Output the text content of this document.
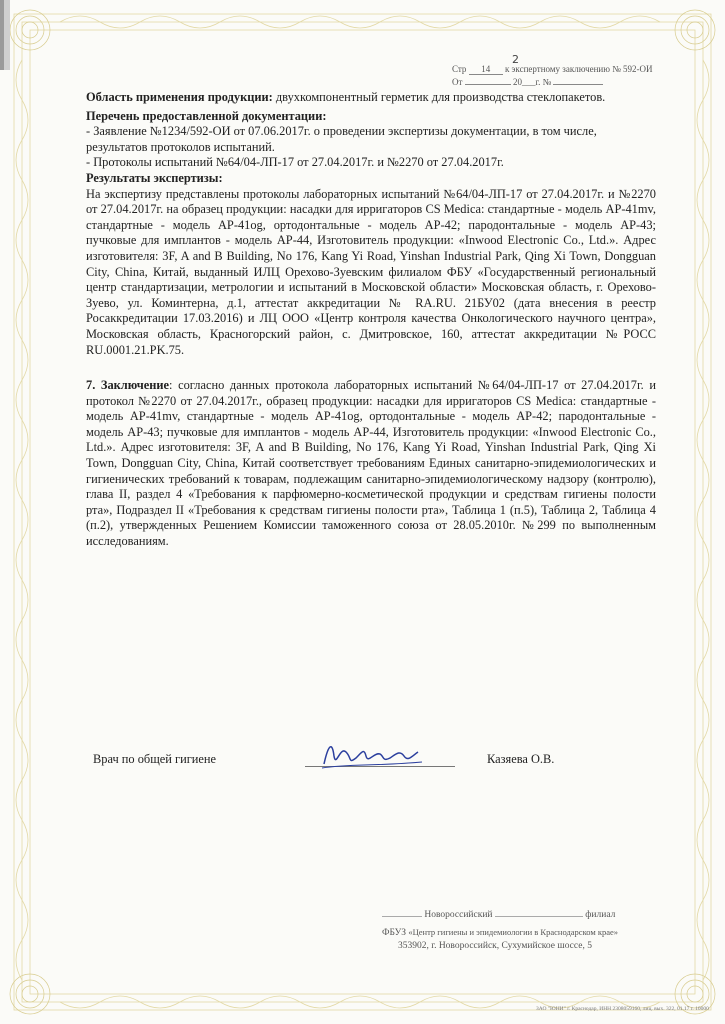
Стр 14 к экспертному заключению № 592-ОИ
2
От	20___г. №

Область применения продукции: двухкомпонентный герметик для производства стеклопакетов.

Перечень предоставленной документации:

- Заявление №1234/592-ОИ от 07.06.2017г. о проведении экспертизы документации, в том числе, результатов протоколов испытаний.

- Протоколы испытаний №64/04-ЛП-17 от 27.04.2017г. и №2270 от 27.04.2017г.

Результаты экспертизы:

На экспертизу представлены протоколы лабораторных испытаний №64/04-ЛП-17 от 27.04.2017г. и №2270 от 27.04.2017г. на образец продукции: насадки для ирригаторов CS Medica: стандартные - модель AP-41mv, стандартные - модель AP-41og, ортодонтальные - модель AP-42; пародонтальные - модель AP-43; пучковые для имплантов - модель AP-44, Изготовитель продукции: «Inwood Electronic Co., Ltd.». Адрес изготовителя: 3F, A and B Building, No 176, Kang Yi Road, Yinshan Industrial Park, Qing Xi Town, Dongguan City, China, Китай, выданный ИЛЦ Орехово-Зуевским филиалом ФБУ «Государственный региональный центр стандартизации, метрологии и испытаний в Московской области» Московская область, г. Орехово-Зуево, ул. Коминтерна, д.1, аттестат аккредитации № RA.RU. 21БУ02 (дата внесения в реестр Росаккредитации 17.03.2016) и ЛЦ ООО «Центр контроля качества Онкологического научного центра», Московская область, Красногорский район, с. Дмитровское, 160, аттестат аккредитации №РОСС RU.0001.21.PK.75.

7. Заключение: согласно данных протокола лабораторных испытаний №64/04-ЛП-17 от 27.04.2017г. и протокол №2270 от 27.04.2017г., образец продукции: насадки для ирригаторов CS Medica: стандартные - модель AP-41mv, стандартные - модель AP-41og, ортодонтальные - модель AP-42; пародонтальные - модель AP-43; пучковые для имплантов - модель AP-44, Изготовитель продукции: «Inwood Electronic Co., Ltd.». Адрес изготовителя: 3F, A and B Building, No 176, Kang Yi Road, Yinshan Industrial Park, Qing Xi Town, Dongguan City, China, Китай соответствует требованиям Единых санитарно-эпидемиологических и гигиенических требований к товарам, подлежащим санитарно-эпидемиологическому надзору (контролю), глава II, раздел 4 «Требования к парфюмерно-косметической продукции и средствам гигиены полости рта», Подраздел II «Требования к средствам гигиены полости рта», Таблица 1 (п.5), Таблица 2, Таблица 4 (п.2), утвержденных Решением Комиссии таможенного союза от 28.05.2010г. №299 по выполненным исследованиям.

Врач по общей гигиене	Казяева О.В.
Новороссийский	филиал
ФБУЗ «Центр гигиены и эпидемиологии в Краснодарском крае»
353902, г. Новороссийск, Сухумийское шоссе, 5
ЗАО "ЮНИ" г. Краснодар, ИНН 2308059160, лиц. вых. 322, 01.17 г. 10000
